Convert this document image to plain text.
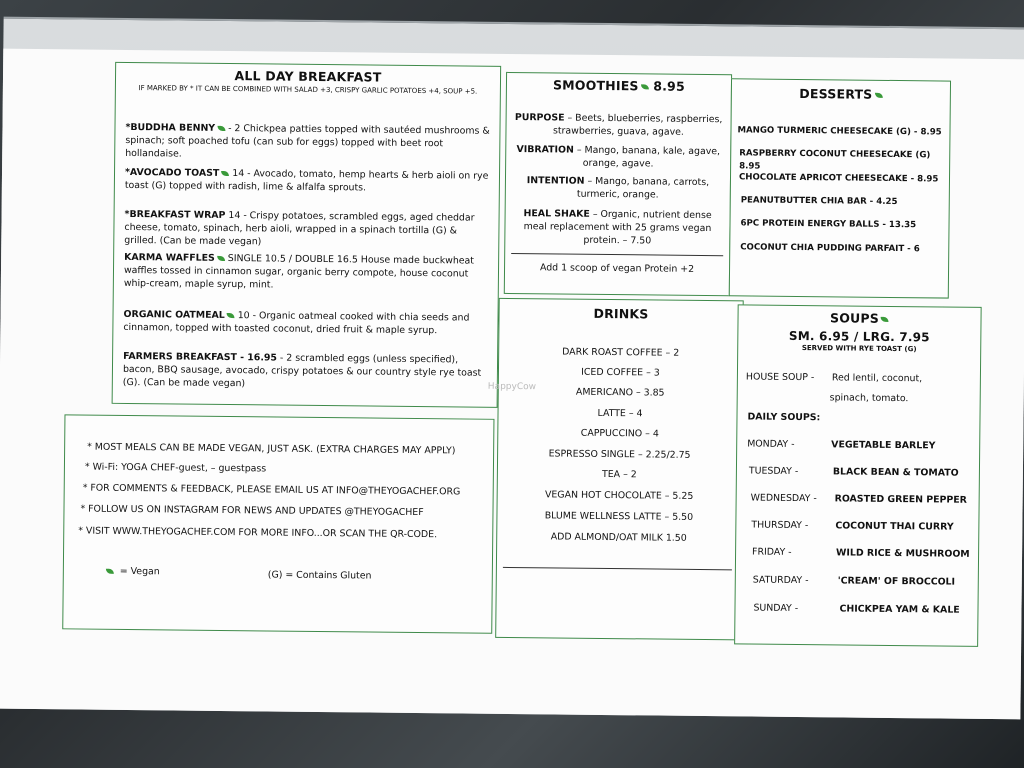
ALL DAY BREAKFAST
IF MARKED BY * IT CAN BE COMBINED WITH SALAD +3, CRISPY GARLIC POTATOES +4, SOUP +5.
*BUDDHA BENNY - 2 Chickpea patties topped with sautéed mushrooms & spinach; soft poached tofu (can sub for eggs) topped with beet root hollandaise.
*AVOCADO TOAST 14 - Avocado, tomato, hemp hearts & herb aioli on rye toast (G) topped with radish, lime & alfalfa sprouts.
*BREAKFAST WRAP 14 - Crispy potatoes, scrambled eggs, aged cheddar cheese, tomato, spinach, herb aioli, wrapped in a spinach tortilla (G) & grilled. (Can be made vegan)
KARMA WAFFLES SINGLE 10.5 / DOUBLE 16.5 House made buckwheat waffles tossed in cinnamon sugar, organic berry compote, house coconut whip-cream, maple syrup, mint.
ORGANIC OATMEAL 10 - Organic oatmeal cooked with chia seeds and cinnamon, topped with toasted coconut, dried fruit & maple syrup.
FARMERS BREAKFAST - 16.95 - 2 scrambled eggs (unless specified), bacon, BBQ sausage, avocado, crispy potatoes & our country style rye toast (G). (Can be made vegan)
* MOST MEALS CAN BE MADE VEGAN, JUST ASK. (EXTRA CHARGES MAY APPLY)
* Wi-Fi: YOGA CHEF-guest, – guestpass
* FOR COMMENTS & FEEDBACK, PLEASE EMAIL US AT INFO@THEYOGACHEF.ORG
* FOLLOW US ON INSTAGRAM FOR NEWS AND UPDATES @THEYOGACHEF
* VISIT WWW.THEYOGACHEF.COM FOR MORE INFO...OR SCAN THE QR-CODE.
= Vegan	(G) = Contains Gluten
SMOOTHIES 8.95
PURPOSE – Beets, blueberries, raspberries, strawberries, guava, agave.
VIBRATION – Mango, banana, kale, agave, orange, agave.
INTENTION – Mango, banana, carrots, turmeric, orange.
HEAL SHAKE – Organic, nutrient dense meal replacement with 25 grams vegan protein. – 7.50
Add 1 scoop of vegan Protein +2
DESSERTS
MANGO TURMERIC CHEESECAKE (G) - 8.95
RASPBERRY COCONUT CHEESECAKE (G) 8.95
CHOCOLATE APRICOT CHEESECAKE - 8.95
PEANUTBUTTER CHIA BAR - 4.25
6PC PROTEIN ENERGY BALLS - 13.35
COCONUT CHIA PUDDING PARFAIT - 6
DRINKS
DARK ROAST COFFEE – 2
ICED COFFEE – 3
AMERICANO – 3.85
LATTE – 4
CAPPUCCINO – 4
ESPRESSO SINGLE – 2.25/2.75
TEA – 2
VEGAN HOT CHOCOLATE – 5.25
BLUME WELLNESS LATTE – 5.50
ADD ALMOND/OAT MILK 1.50
SOUPS
SM. 6.95 / LRG. 7.95
SERVED WITH RYE TOAST (G)
HOUSE SOUP - Red lentil, coconut,
spinach, tomato.
DAILY SOUPS:
MONDAY -	VEGETABLE BARLEY
TUESDAY -	BLACK BEAN & TOMATO
WEDNESDAY - ROASTED GREEN PEPPER
THURSDAY -	COCONUT THAI CURRY
FRIDAY -	WILD RICE & MUSHROOM
SATURDAY -	'CREAM' OF BROCCOLI
SUNDAY -	CHICKPEA YAM & KALE
HappyCow
